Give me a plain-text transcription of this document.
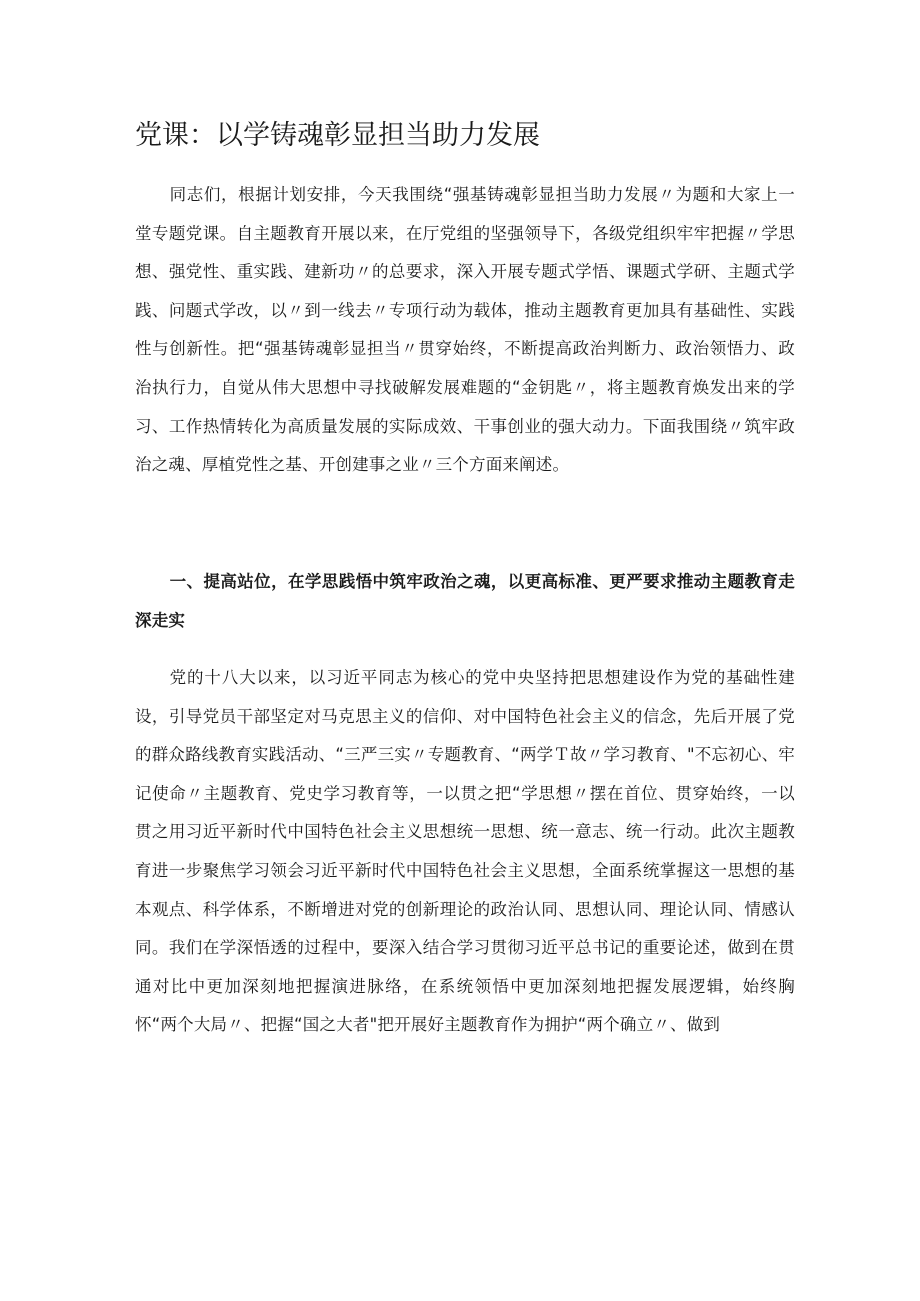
党课：以学铸魂彰显担当助力发展

同志们，根据计划安排，今天我围绕“强基铸魂彰显担当助力发展〃为题和大家上一堂专题党课。自主题教育开展以来，在厅党组的坚强领导下，各级党组织牢牢把握〃学思想、强党性、重实践、建新功〃的总要求，深入开展专题式学悟、课题式学研、主题式学践、问题式学改，以〃到一线去〃专项行动为载体，推动主题教育更加具有基础性、实践性与创新性。把“强基铸魂彰显担当〃贯穿始终，不断提高政治判断力、政治领悟力、政治执行力，自觉从伟大思想中寻找破解发展难题的“金钥匙〃，将主题教育焕发出来的学习、工作热情转化为高质量发展的实际成效、干事创业的强大动力。下面我围绕〃筑牢政治之魂、厚植党性之基、开创建事之业〃三个方面来阐述。

一、提高站位，在学思践悟中筑牢政治之魂，以更高标准、更严要求推动主题教育走深走实

党的十八大以来，以习近平同志为核心的党中央坚持把思想建设作为党的基础性建设，引导党员干部坚定对马克思主义的信仰、对中国特色社会主义的信念，先后开展了党的群众路线教育实践活动、“三严三实〃专题教育、“两学Ｔ故〃学习教育、"不忘初心、牢记使命〃主题教育、党史学习教育等，一以贯之把“学思想〃摆在首位、贯穿始终，一以贯之用习近平新时代中国特色社会主义思想统一思想、统一意志、统一行动。此次主题教育进一步聚焦学习领会习近平新时代中国特色社会主义思想，全面系统掌握这一思想的基本观点、科学体系，不断增进对党的创新理论的政治认同、思想认同、理论认同、情感认同。我们在学深悟透的过程中，要深入结合学习贯彻习近平总书记的重要论述，做到在贯通对比中更加深刻地把握演进脉络，在系统领悟中更加深刻地把握发展逻辑，始终胸怀“两个大局〃、把握“国之大者"把开展好主题教育作为拥护“两个确立〃、做到
